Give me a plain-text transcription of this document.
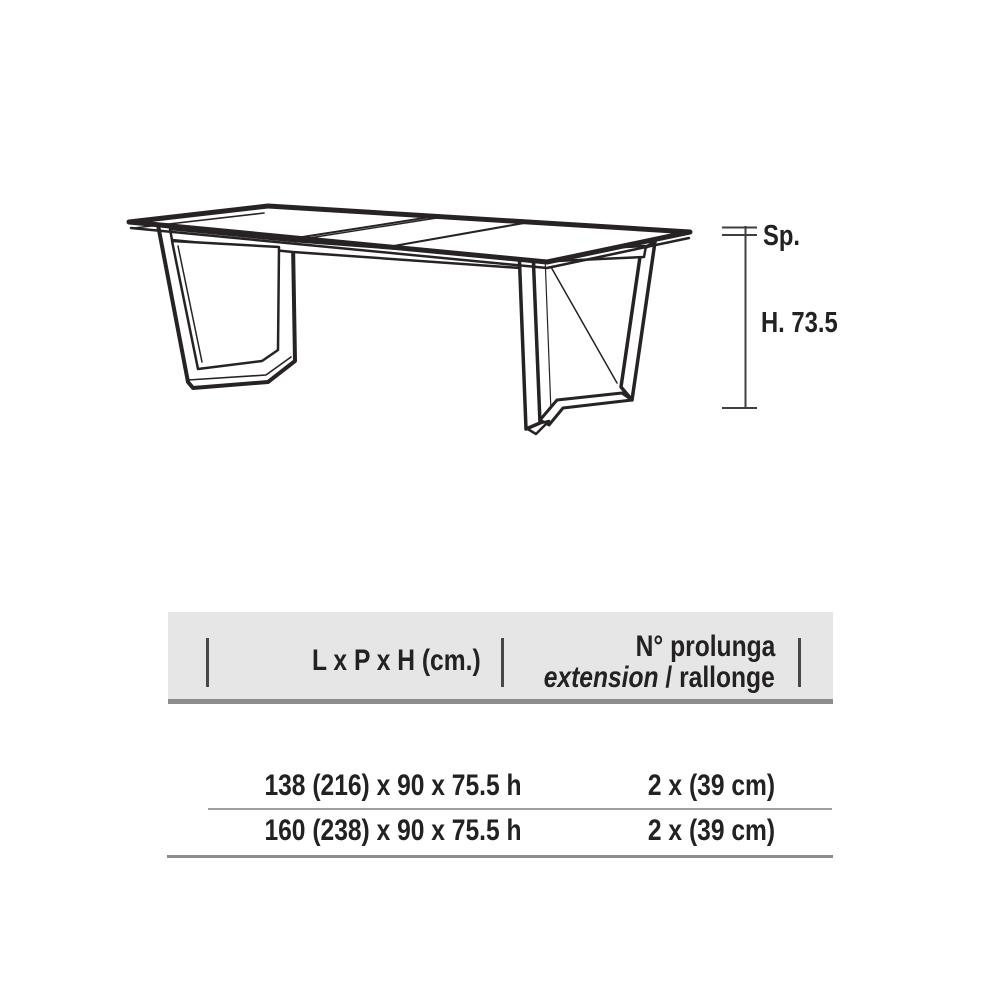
Sp.
H. 73.5
L x P x H (cm.)	N° prolunga
extension / rallonge
138 (216) x 90 x 75.5 h	2 x (39 cm)
160 (238) x 90 x 75.5 h	2 x (39 cm)
